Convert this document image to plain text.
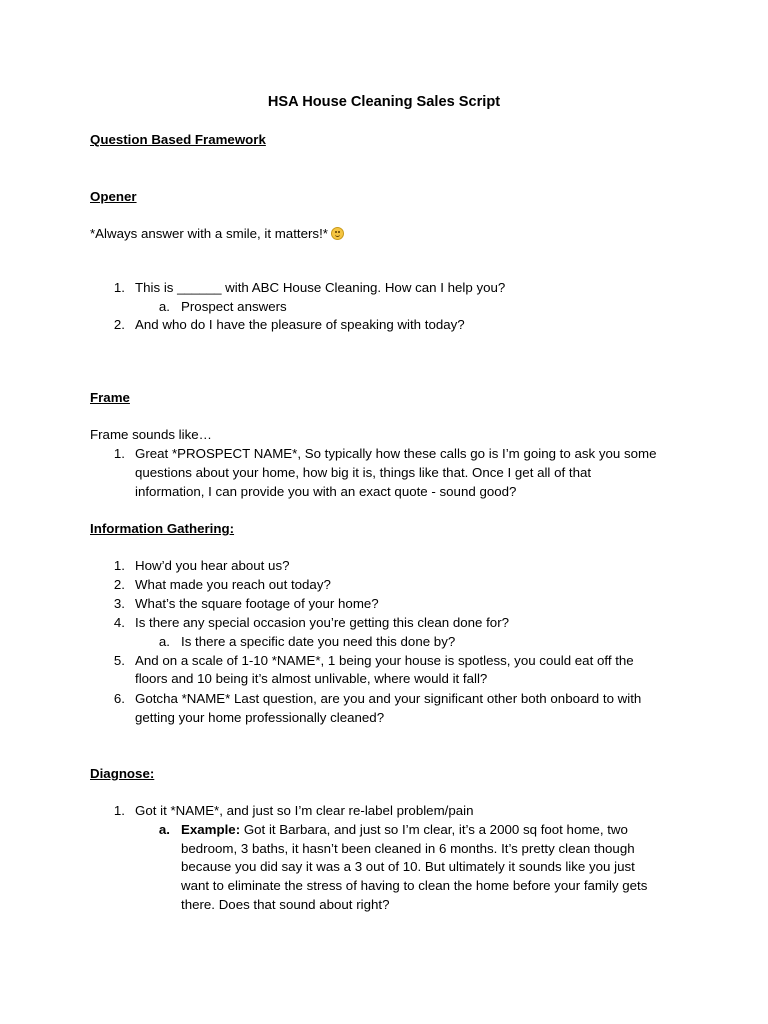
HSA House Cleaning Sales Script
Question Based Framework
Opener
*Always answer with a smile, it matters!*
1. This is ______ with ABC House Cleaning. How can I help you?
a. Prospect answers
2. And who do I have the pleasure of speaking with today?
Frame
Frame sounds like…
1. Great *PROSPECT NAME*, So typically how these calls go is I’m going to ask you some
questions about your home, how big it is, things like that. Once I get all of that
information, I can provide you with an exact quote - sound good?
Information Gathering:
1. How’d you hear about us?
2. What made you reach out today?
3. What’s the square footage of your home?
4. Is there any special occasion you’re getting this clean done for?
a. Is there a specific date you need this done by?
5. And on a scale of 1-10 *NAME*, 1 being your house is spotless, you could eat off the
floors and 10 being it’s almost unlivable, where would it fall?
6. Gotcha *NAME* Last question, are you and your significant other both onboard to with
getting your home professionally cleaned?
Diagnose:
1. Got it *NAME*, and just so I’m clear re-label problem/pain
a. Example: Got it Barbara, and just so I’m clear, it’s a 2000 sq foot home, two
bedroom, 3 baths, it hasn’t been cleaned in 6 months. It’s pretty clean though
because you did say it was a 3 out of 10. But ultimately it sounds like you just
want to eliminate the stress of having to clean the home before your family gets
there. Does that sound about right?
